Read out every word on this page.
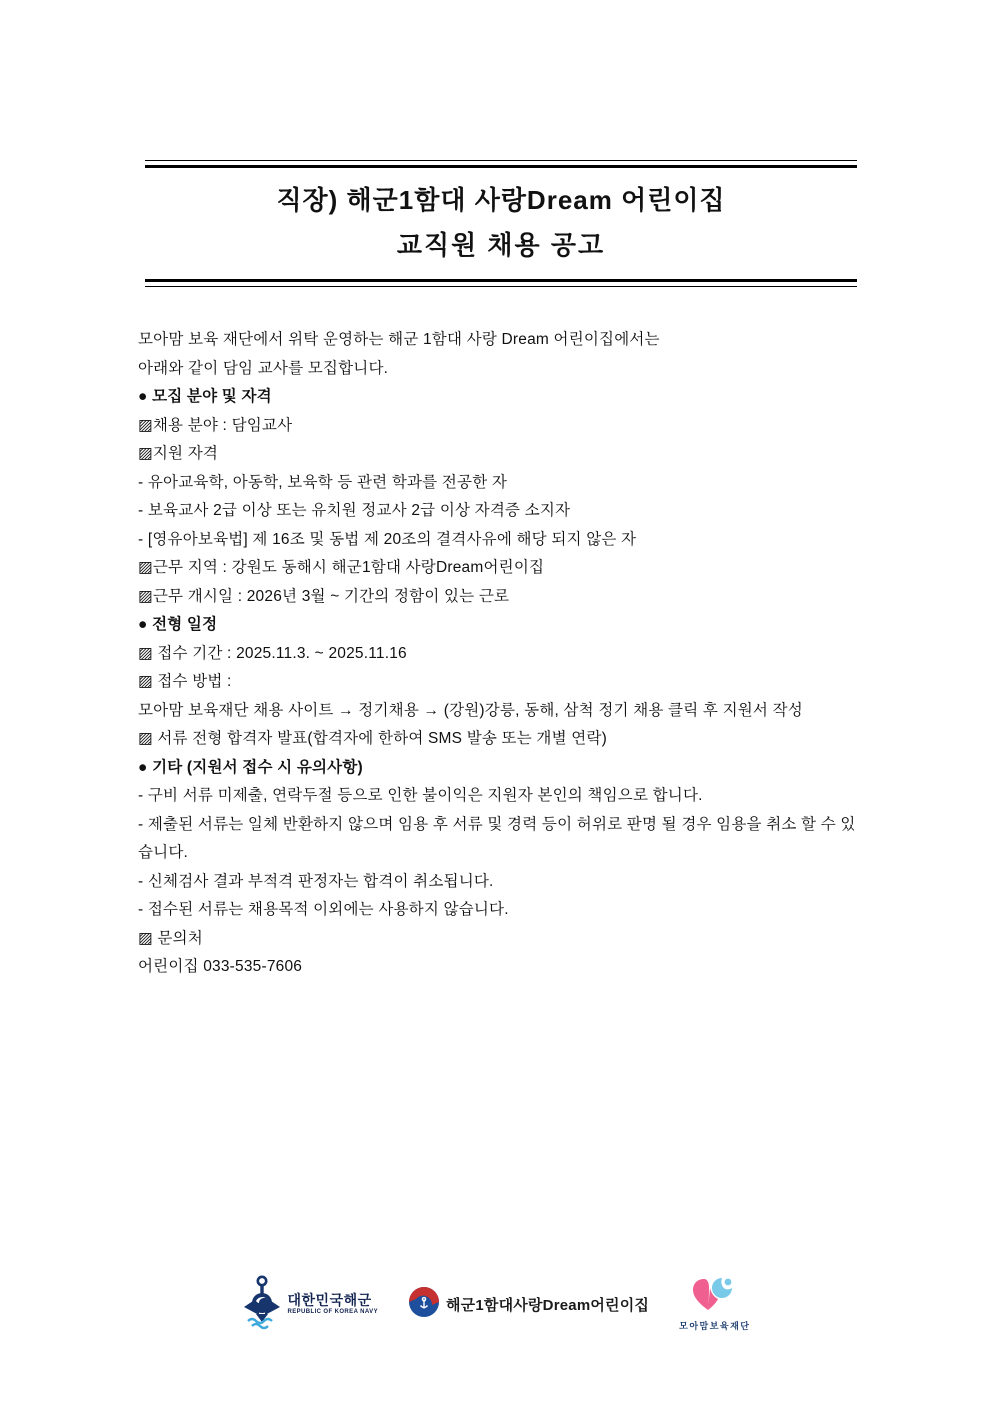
직장) 해군1함대 사랑Dream 어린이집
교직원 채용 공고

모아맘 보육 재단에서 위탁 운영하는 해군 1함대 사랑 Dream 어린이집에서는

아래와 같이 담임 교사를 모집합니다.

● 모집 분야 및 자격

▨채용 분야 : 담임교사

▨지원 자격

- 유아교육학, 아동학, 보육학 등 관련 학과를 전공한 자

- 보육교사 2급 이상 또는 유치원 정교사 2급 이상 자격증 소지자

- [영유아보육법] 제 16조 및 동법 제 20조의 결격사유에 해당 되지 않은 자

▨근무 지역 : 강원도 동해시 해군1함대 사랑Dream어린이집

▨근무 개시일 : 2026년 3월 ~ 기간의 정함이 있는 근로

● 전형 일정

▨ 접수 기간 : 2025.11.3. ~ 2025.11.16

▨ 접수 방법 :

모아맘 보육재단 채용 사이트 → 정기채용 → (강원)강릉, 동해, 삼척 정기 채용 클릭 후 지원서 작성

▨ 서류 전형 합격자 발표(합격자에 한하여 SMS 발송 또는 개별 연락)

● 기타 (지원서 접수 시 유의사항)

- 구비 서류 미제출, 연락두절 등으로 인한 불이익은 지원자 본인의 책임으로 합니다.

- 제출된 서류는 일체 반환하지 않으며 임용 후 서류 및 경력 등이 허위로 판명 될 경우 임용을 취소 할 수 있습니다.

- 신체검사 결과 부적격 판정자는 합격이 취소됩니다.

- 접수된 서류는 채용목적 이외에는 사용하지 않습니다.

▨ 문의처

어린이집 033-535-7606

대한민국해군
REPUBLIC OF KOREA NAVY	해군1함대사랑Dream어린이집
모아맘보육재단
